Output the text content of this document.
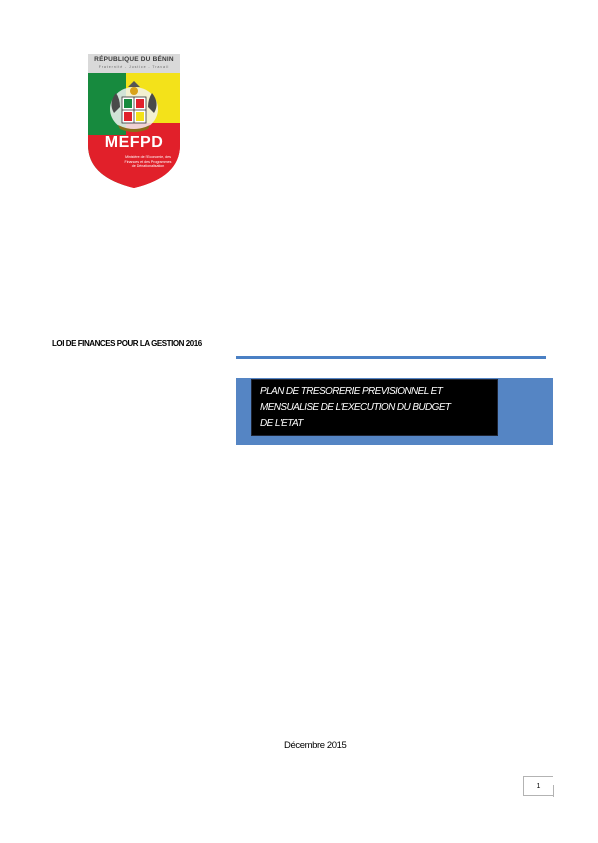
RÉPUBLIQUE DU BÉNIN
Fraternité - Justice - Travail
MEFPD
Ministère de l'Economie, des
Finances et des Programmes
de Dénationalisation
LOI DE FINANCES POUR LA GESTION 2016
PLAN DE TRESORERIE PREVISIONNEL ET
MENSUALISE DE L'EXECUTION DU BUDGET
DE L'ETAT
Décembre 2015
1
